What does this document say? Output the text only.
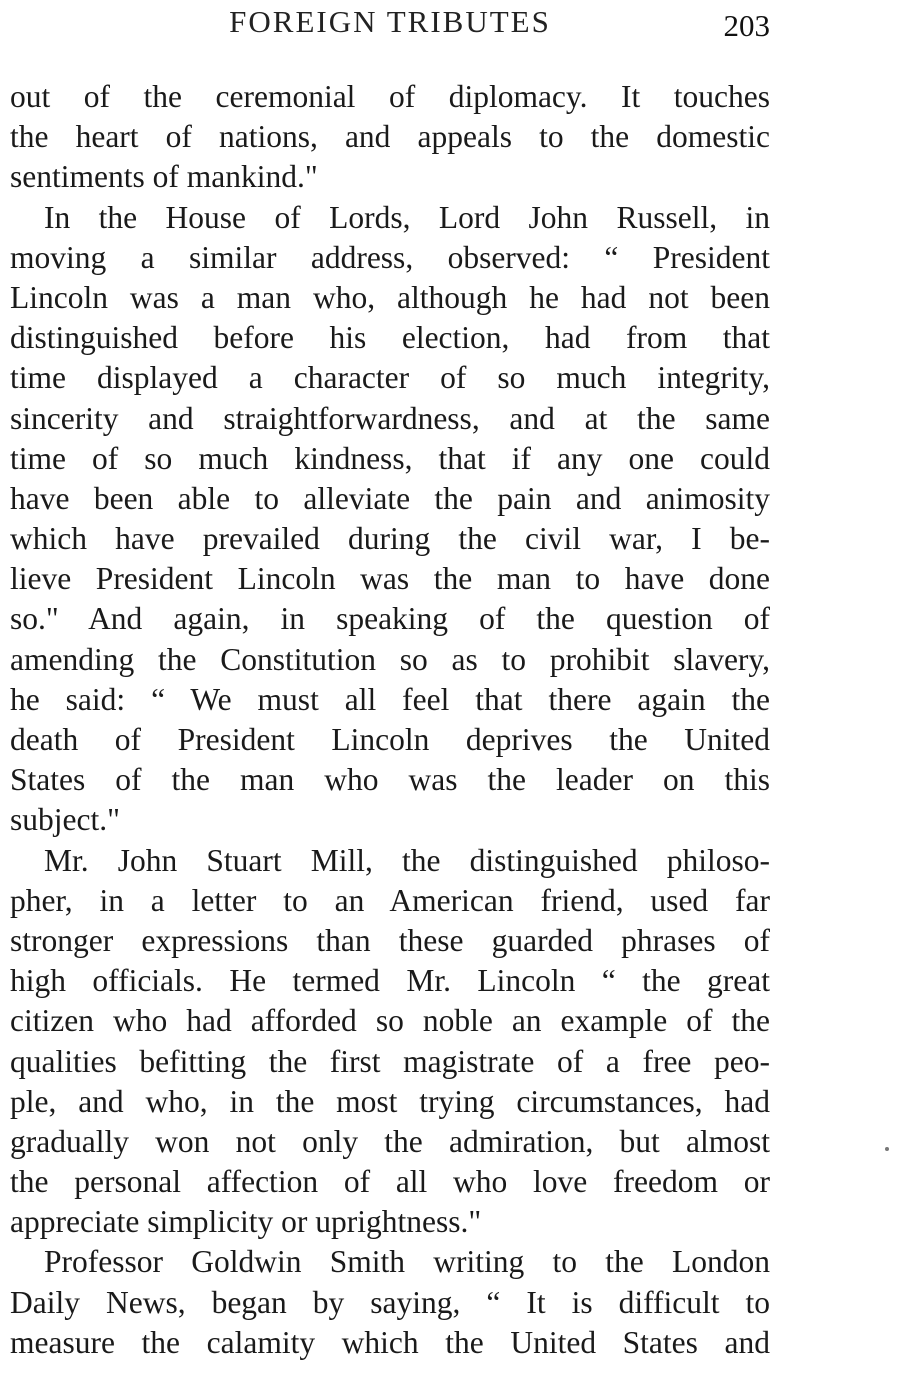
FOREIGN TRIBUTES	203
out of the ceremonial of diplomacy. It touches
the heart of nations, and appeals to the domestic
sentiments of mankind."
In the House of Lords, Lord John Russell, in
moving a similar address, observed: “ President
Lincoln was a man who, although he had not been
distinguished before his election, had from that
time displayed a character of so much integrity,
sincerity and straightforwardness, and at the same
time of so much kindness, that if any one could
have been able to alleviate the pain and animosity
which have prevailed during the civil war, I be-
lieve President Lincoln was the man to have done
so." And again, in speaking of the question of
amending the Constitution so as to prohibit slavery,
he said: “ We must all feel that there again the
death of President Lincoln deprives the United
States of the man who was the leader on this
subject."
Mr. John Stuart Mill, the distinguished philoso-
pher, in a letter to an American friend, used far
stronger expressions than these guarded phrases of
high officials. He termed Mr. Lincoln “ the great
citizen who had afforded so noble an example of the
qualities befitting the first magistrate of a free peo-
ple, and who, in the most trying circumstances, had
gradually won not only the admiration, but almost
the personal affection of all who love freedom or
appreciate simplicity or uprightness."
Professor Goldwin Smith writing to the London
Daily News, began by saying, “ It is difficult to
measure the calamity which the United States and
